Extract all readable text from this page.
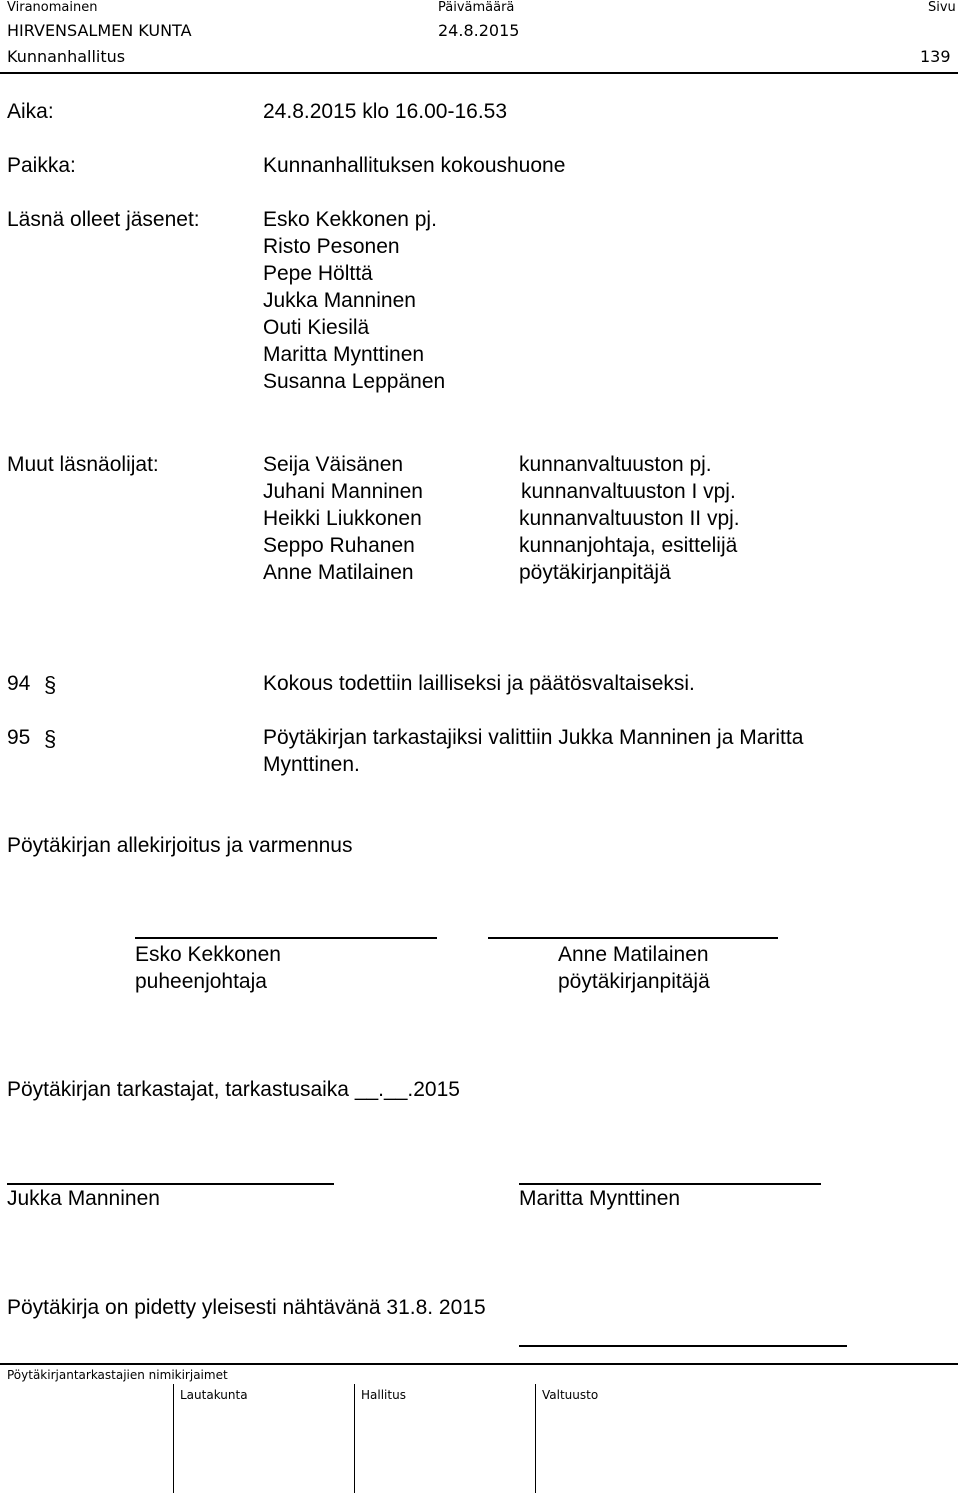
Viranomainen	Päivämäärä	Sivu
HIRVENSALMEN KUNTA	24.8.2015
Kunnanhallitus	139
Aika:	24.8.2015 klo 16.00-16.53
Paikka:	Kunnanhallituksen kokoushuone
Läsnä olleet jäsenet:	Esko Kekkonen pj.
Risto Pesonen
Pepe Hölttä
Jukka Manninen
Outi Kiesilä
Maritta Mynttinen
Susanna Leppänen
Muut läsnäolijat:	Seija Väisänen	kunnanvaltuuston pj.
Juhani Manninen	kunnanvaltuuston I vpj.
Heikki Liukkonen	kunnanvaltuuston II vpj.
Seppo Ruhanen	kunnanjohtaja, esittelijä
Anne Matilainen	pöytäkirjanpitäjä
94 §	Kokous todettiin lailliseksi ja päätösvaltaiseksi.
95 §	Pöytäkirjan tarkastajiksi valittiin Jukka Manninen ja Maritta
Mynttinen.
Pöytäkirjan allekirjoitus ja varmennus
Esko Kekkonen
puheenjohtaja
Anne Matilainen
pöytäkirjanpitäjä
Pöytäkirjan tarkastajat, tarkastusaika __.__.2015
Jukka Manninen	Maritta Mynttinen
Pöytäkirja on pidetty yleisesti nähtävänä 31.8. 2015
Pöytäkirjantarkastajien nimikirjaimet
Lautakunta	Hallitus	Valtuusto
